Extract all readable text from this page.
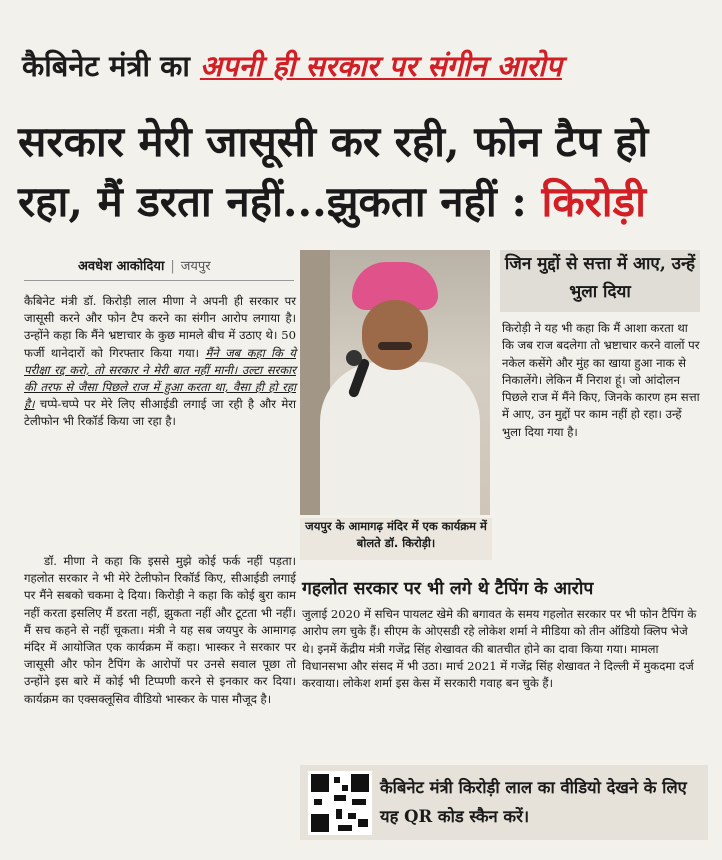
कैबिनेट मंत्री का अपनी ही सरकार पर संगीन आरोप
सरकार मेरी जासूसी कर रही, फोन टैप हो
रहा, मैं डरता नहीं...झुकता नहीं : किरोड़ी
अवधेश आकोदिया | जयपुर
कैबिनेट मंत्री डॉ. किरोड़ी लाल मीणा ने अपनी ही सरकार पर जासूसी करने और फोन टैप करने का संगीन आरोप लगाया है। उन्होंने कहा कि मैंने भ्रष्टाचार के कुछ मामले बीच में उठाए थे। 50 फर्जी थानेदारों को गिरफ्तार किया गया। मैंने जब कहा कि ये परीक्षा रद्द करो, तो सरकार ने मेरी बात नहीं मानी। उल्टा सरकार की तरफ से जैसा पिछले राज में हुआ करता था, वैसा ही हो रहा है। चप्पे-चप्पे पर मेरे लिए सीआईडी लगाई जा रही है और मेरा टेलीफोन भी रिकॉर्ड किया जा रहा है।
डॉ. मीणा ने कहा कि इससे मुझे कोई फर्क नहीं पड़ता। गहलोत सरकार ने भी मेरे टेलीफोन रिकॉर्ड किए, सीआईडी लगाई पर मैंने सबको चकमा दे दिया। किरोड़ी ने कहा कि कोई बुरा काम नहीं करता इसलिए मैं डरता नहीं, झुकता नहीं और टूटता भी नहीं। मैं सच कहने से नहीं चूकता। मंत्री ने यह सब जयपुर के आमागढ़ मंदिर में आयोजित एक कार्यक्रम में कहा। भास्कर ने सरकार पर जासूसी और फोन टैपिंग के आरोपों पर उनसे सवाल पूछा तो उन्होंने इस बारे में कोई भी टिप्पणी करने से इनकार कर दिया। कार्यक्रम का एक्सक्लूसिव वीडियो भास्कर के पास मौजूद है।
जयपुर के आमागढ़ मंदिर में एक कार्यक्रम में बोलते डॉ. किरोड़ी।
जिन मुद्दों से सत्ता में आए, उन्हें भुला दिया
किरोड़ी ने यह भी कहा कि मैं आशा करता था कि जब राज बदलेगा तो भ्रष्टाचार करने वालों पर नकेल कसेंगे और मुंह का खाया हुआ नाक से निकालेंगे। लेकिन मैं निराश हूं। जो आंदोलन पिछले राज में मैंने किए, जिनके कारण हम सत्ता में आए, उन मुद्दों पर काम नहीं हो रहा। उन्हें भुला दिया गया है।
गहलोत सरकार पर भी लगे थे टैपिंग के आरोप
जुलाई 2020 में सचिन पायलट खेमे की बगावत के समय गहलोत सरकार पर भी फोन टैपिंग के आरोप लग चुके हैं। सीएम के ओएसडी रहे लोकेश शर्मा ने मीडिया को तीन ऑडियो क्लिप भेजे थे। इनमें केंद्रीय मंत्री गजेंद्र सिंह शेखावत की बातचीत होने का दावा किया गया। मामला विधानसभा और संसद में भी उठा। मार्च 2021 में गजेंद्र सिंह शेखावत ने दिल्ली में मुकदमा दर्ज करवाया। लोकेश शर्मा इस केस में सरकारी गवाह बन चुके हैं।
कैबिनेट मंत्री किरोड़ी लाल का वीडियो देखने के लिए यह QR कोड स्कैन करें।
